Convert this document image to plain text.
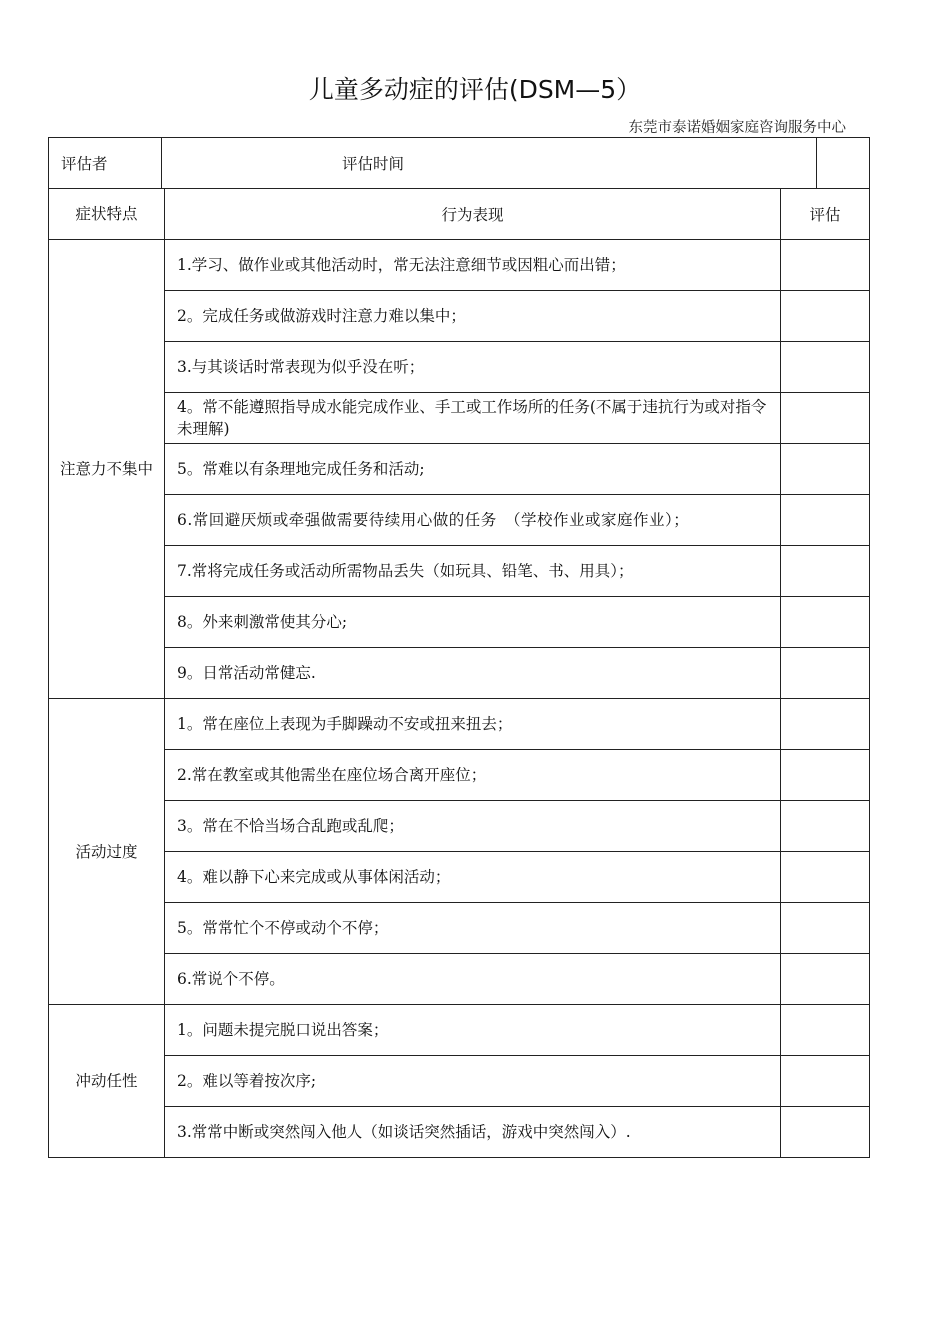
儿童多动症的评估(DSM—5）
东莞市泰诺婚姻家庭咨询服务中心
评估者	评估时间	
症状特点	行为表现	评估
注意力不集中	1.学习、做作业或其他活动时，常无法注意细节或因粗心而出错；	
	2。完成任务或做游戏时注意力难以集中；	
	3.与其谈话时常表现为似乎没在听；	
	4。常不能遵照指导成水能完成作业、手工或工作场所的任务(不属于违抗行为或对指令未理解)	
	5。常难以有条理地完成任务和活动;	
	6.常回避厌烦或牵强做需要待续用心做的任务　（学校作业或家庭作业）；	
	7.常将完成任务或活动所需物品丢失（如玩具、铅笔、书、用具）；	
	8。外来刺激常使其分心;	
	9。日常活动常健忘.	
活动过度	1。常在座位上表现为手脚躁动不安或扭来扭去；	
	2.常在教室或其他需坐在座位场合离开座位；	
	3。常在不恰当场合乱跑或乱爬；	
	4。难以静下心来完成或从事体闲活动；	
	5。常常忙个不停或动个不停；	
	6.常说个不停。	
冲动任性	1。问题未提完脱口说出答案；	
	2。难以等着按次序;	
	3.常常中断或突然闯入他人（如谈话突然插话，游戏中突然闯入）.	
